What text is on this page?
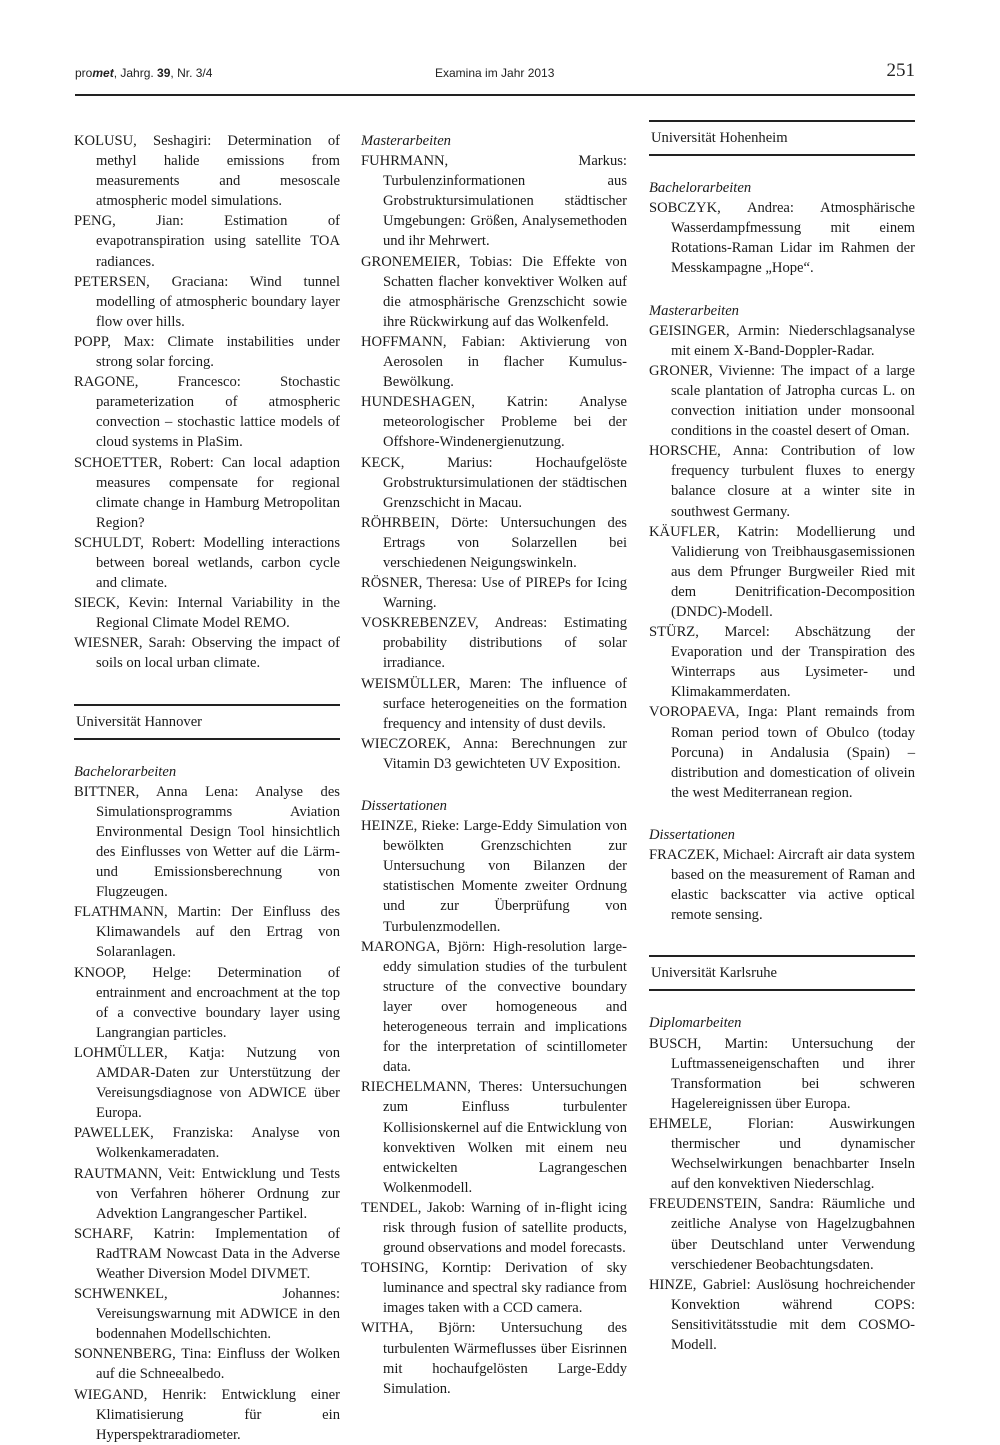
promet, Jahrg. 39, Nr. 3/4	Examina im Jahr 2013	251

KOLUSU, Seshagiri: Determination of methyl halide emissions from measurements and mesoscale atmospheric model simulations.

PENG, Jian: Estimation of evapotranspiration using satellite TOA radiances.

PETERSEN, Graciana: Wind tunnel modelling of atmospheric boundary layer flow over hills.

POPP, Max: Climate instabilities under strong solar forcing.

RAGONE, Francesco: Stochastic parameterization of atmospheric convection – stochastic lattice models of cloud systems in PlaSim.

SCHOETTER, Robert: Can local adaption measures compensate for regional climate change in Hamburg Metropolitan Region?

SCHULDT, Robert: Modelling interactions between boreal wetlands, carbon cycle and climate.

SIECK, Kevin: Internal Variability in the Regional Climate Model REMO.

WIESNER, Sarah: Observing the impact of soils on local urban climate.

Universität Hannover

Bachelorarbeiten

BITTNER, Anna Lena: Analyse des Simulationsprogramms Aviation Environmental Design Tool hinsichtlich des Einflusses von Wetter auf die Lärm- und Emissionsberechnung von Flugzeugen.

FLATHMANN, Martin: Der Einfluss des Klimawandels auf den Ertrag von Solaranlagen.

KNOOP, Helge: Determination of entrainment and encroachment at the top of a convective boundary layer using Langrangian particles.

LOHMÜLLER, Katja: Nutzung von AMDAR-Daten zur Unterstützung der Vereisungsdiagnose von ADWICE über Europa.

PAWELLEK, Franziska: Analyse von Wolkenkameradaten.

RAUTMANN, Veit: Entwicklung und Tests von Verfahren höherer Ordnung zur Advektion Langrangescher Partikel.

SCHARF, Katrin: Implementation of RadTRAM Nowcast Data in the Adverse Weather Diversion Model DIVMET.

SCHWENKEL, Johannes: Vereisungswarnung mit ADWICE in den bodennahen Modellschichten.

SONNENBERG, Tina: Einfluss der Wolken auf die Schneealbedo.

WIEGAND, Henrik: Entwicklung einer Klimatisierung für ein Hyperspektraradiometer.

Masterarbeiten

FUHRMANN, Markus: Turbulenzinformationen aus Grobstruktursimulationen städtischer Umgebungen: Größen, Analysemethoden und ihr Mehrwert.

GRONEMEIER, Tobias: Die Effekte von Schatten flacher konvektiver Wolken auf die atmosphärische Grenzschicht sowie ihre Rückwirkung auf das Wolkenfeld.

HOFFMANN, Fabian: Aktivierung von Aerosolen in flacher Kumulus-Bewölkung.

HUNDESHAGEN, Katrin: Analyse meteorologischer Probleme bei der Offshore-Windenergienutzung.

KECK, Marius: Hochaufgelöste Grobstruktursimulationen der städtischen Grenzschicht in Macau.

RÖHRBEIN, Dörte: Untersuchungen des Ertrags von Solarzellen bei verschiedenen Neigungswinkeln.

RÖSNER, Theresa: Use of PIREPs for Icing Warning.

VOSKREBENZEV, Andreas: Estimating probability distributions of solar irradiance.

WEISMÜLLER, Maren: The influence of surface heterogeneities on the formation frequency and intensity of dust devils.

WIECZOREK, Anna: Berechnungen zur Vitamin D3 gewichteten UV Exposition.

Dissertationen

HEINZE, Rieke: Large-Eddy Simulation von bewölkten Grenzschichten zur Untersuchung von Bilanzen der statistischen Momente zweiter Ordnung und zur Überprüfung von Turbulenzmodellen.

MARONGA, Björn: High-resolution large-eddy simulation studies of the turbulent structure of the convective boundary layer over homogeneous and heterogeneous terrain and implications for the interpretation of scintillometer data.

RIECHELMANN, Theres: Untersuchungen zum Einfluss turbulenter Kollisionskernel auf die Entwicklung von konvektiven Wolken mit einem neu entwickelten Lagrangeschen Wolkenmodell.

TENDEL, Jakob: Warning of in-flight icing risk through fusion of satellite products, ground observations and model forecasts.

TOHSING, Korntip: Derivation of sky luminance and spectral sky radiance from images taken with a CCD camera.

WITHA, Björn: Untersuchung des turbulenten Wärmeflusses über Eisrinnen mit hochaufgelösten Large-Eddy Simulation.

Universität Hohenheim

Bachelorarbeiten

SOBCZYK, Andrea: Atmosphärische Wasserdampfmessung mit einem Rotations-Raman Lidar im Rahmen der Messkampagne „Hope“.

Masterarbeiten

GEISINGER, Armin: Niederschlagsanalyse mit einem X-Band-Doppler-Radar.

GRONER, Vivienne: The impact of a large scale plantation of Jatropha curcas L. on convection initiation under monsoonal conditions in the coastel desert of Oman.

HORSCHE, Anna: Contribution of low frequency turbulent fluxes to energy balance closure at a winter site in southwest Germany.

KÄUFLER, Katrin: Modellierung und Validierung von Treibhausgasemissionen aus dem Pfrunger Burgweiler Ried mit dem Denitrification-Decomposition (DNDC)-Modell.

STÜRZ, Marcel: Abschätzung der Evaporation und der Transpiration des Winterraps aus Lysimeter- und Klimakammerdaten.

VOROPAEVA, Inga: Plant remainds from Roman period town of Obulco (today Porcuna) in Andalusia (Spain) – distribution and domestication of olivein the west Mediterranean region.

Dissertationen

FRACZEK, Michael: Aircraft air data system based on the measurement of Raman and elastic backscatter via active optical remote sensing.

Universität Karlsruhe

Diplomarbeiten

BUSCH, Martin: Untersuchung der Luftmasseneigenschaften und ihrer Transformation bei schweren Hagelereignissen über Europa.

EHMELE, Florian: Auswirkungen thermischer und dynamischer Wechselwirkungen benachbarter Inseln auf den konvektiven Niederschlag.

FREUDENSTEIN, Sandra: Räumliche und zeitliche Analyse von Hagelzugbahnen über Deutschland unter Verwendung verschiedener Beobachtungsdaten.

HINZE, Gabriel: Auslösung hochreichender Konvektion während COPS: Sensitivitätsstudie mit dem COSMO-Modell.
